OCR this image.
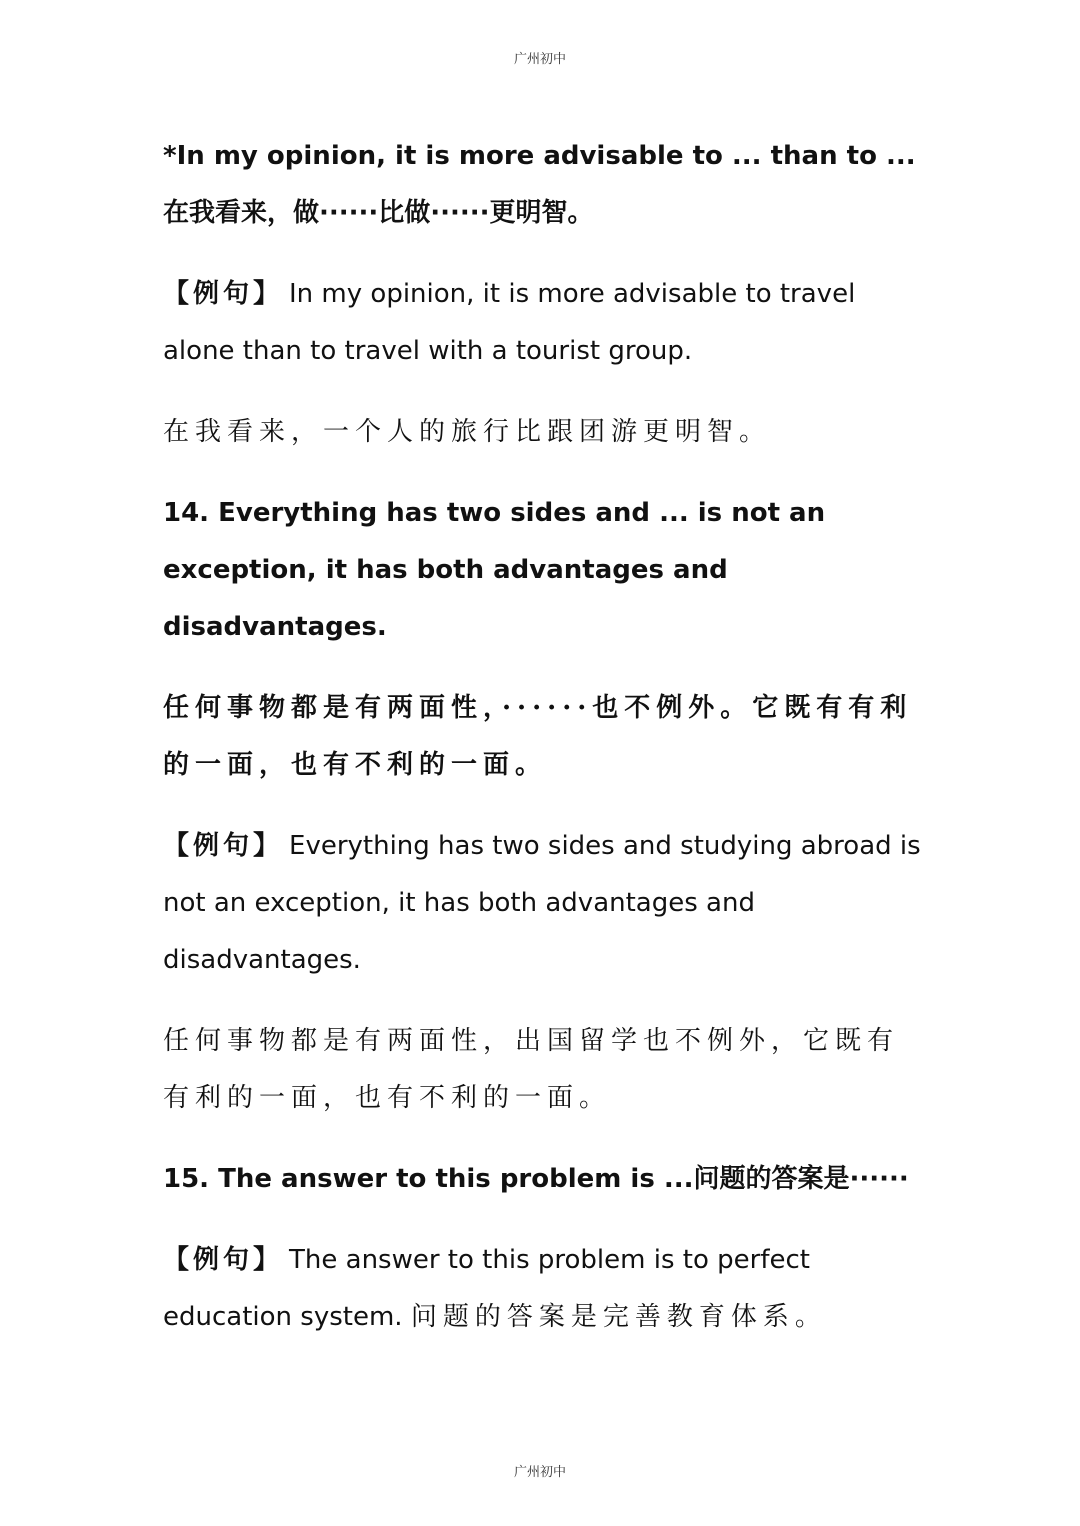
广州初中

*In my opinion, it is more advisable to ... than to ... 在我看来，做······比做······更明智。

【例句】 In my opinion, it is more advisable to travel alone than to travel with a tourist group.

在我看来，一个人的旅行比跟团游更明智。

14. Everything has two sides and ... is not an exception, it has both advantages and disadvantages.

任何事物都是有两面性，······也不例外。它既有有利的一面，也有不利的一面。

【例句】 Everything has two sides and studying abroad is not an exception, it has both advantages and disadvantages.

任何事物都是有两面性，出国留学也不例外，它既有有利的一面，也有不利的一面。

15. The answer to this problem is ...问题的答案是······

【例句】 The answer to this problem is to perfect education system. 问题的答案是完善教育体系。

广州初中
